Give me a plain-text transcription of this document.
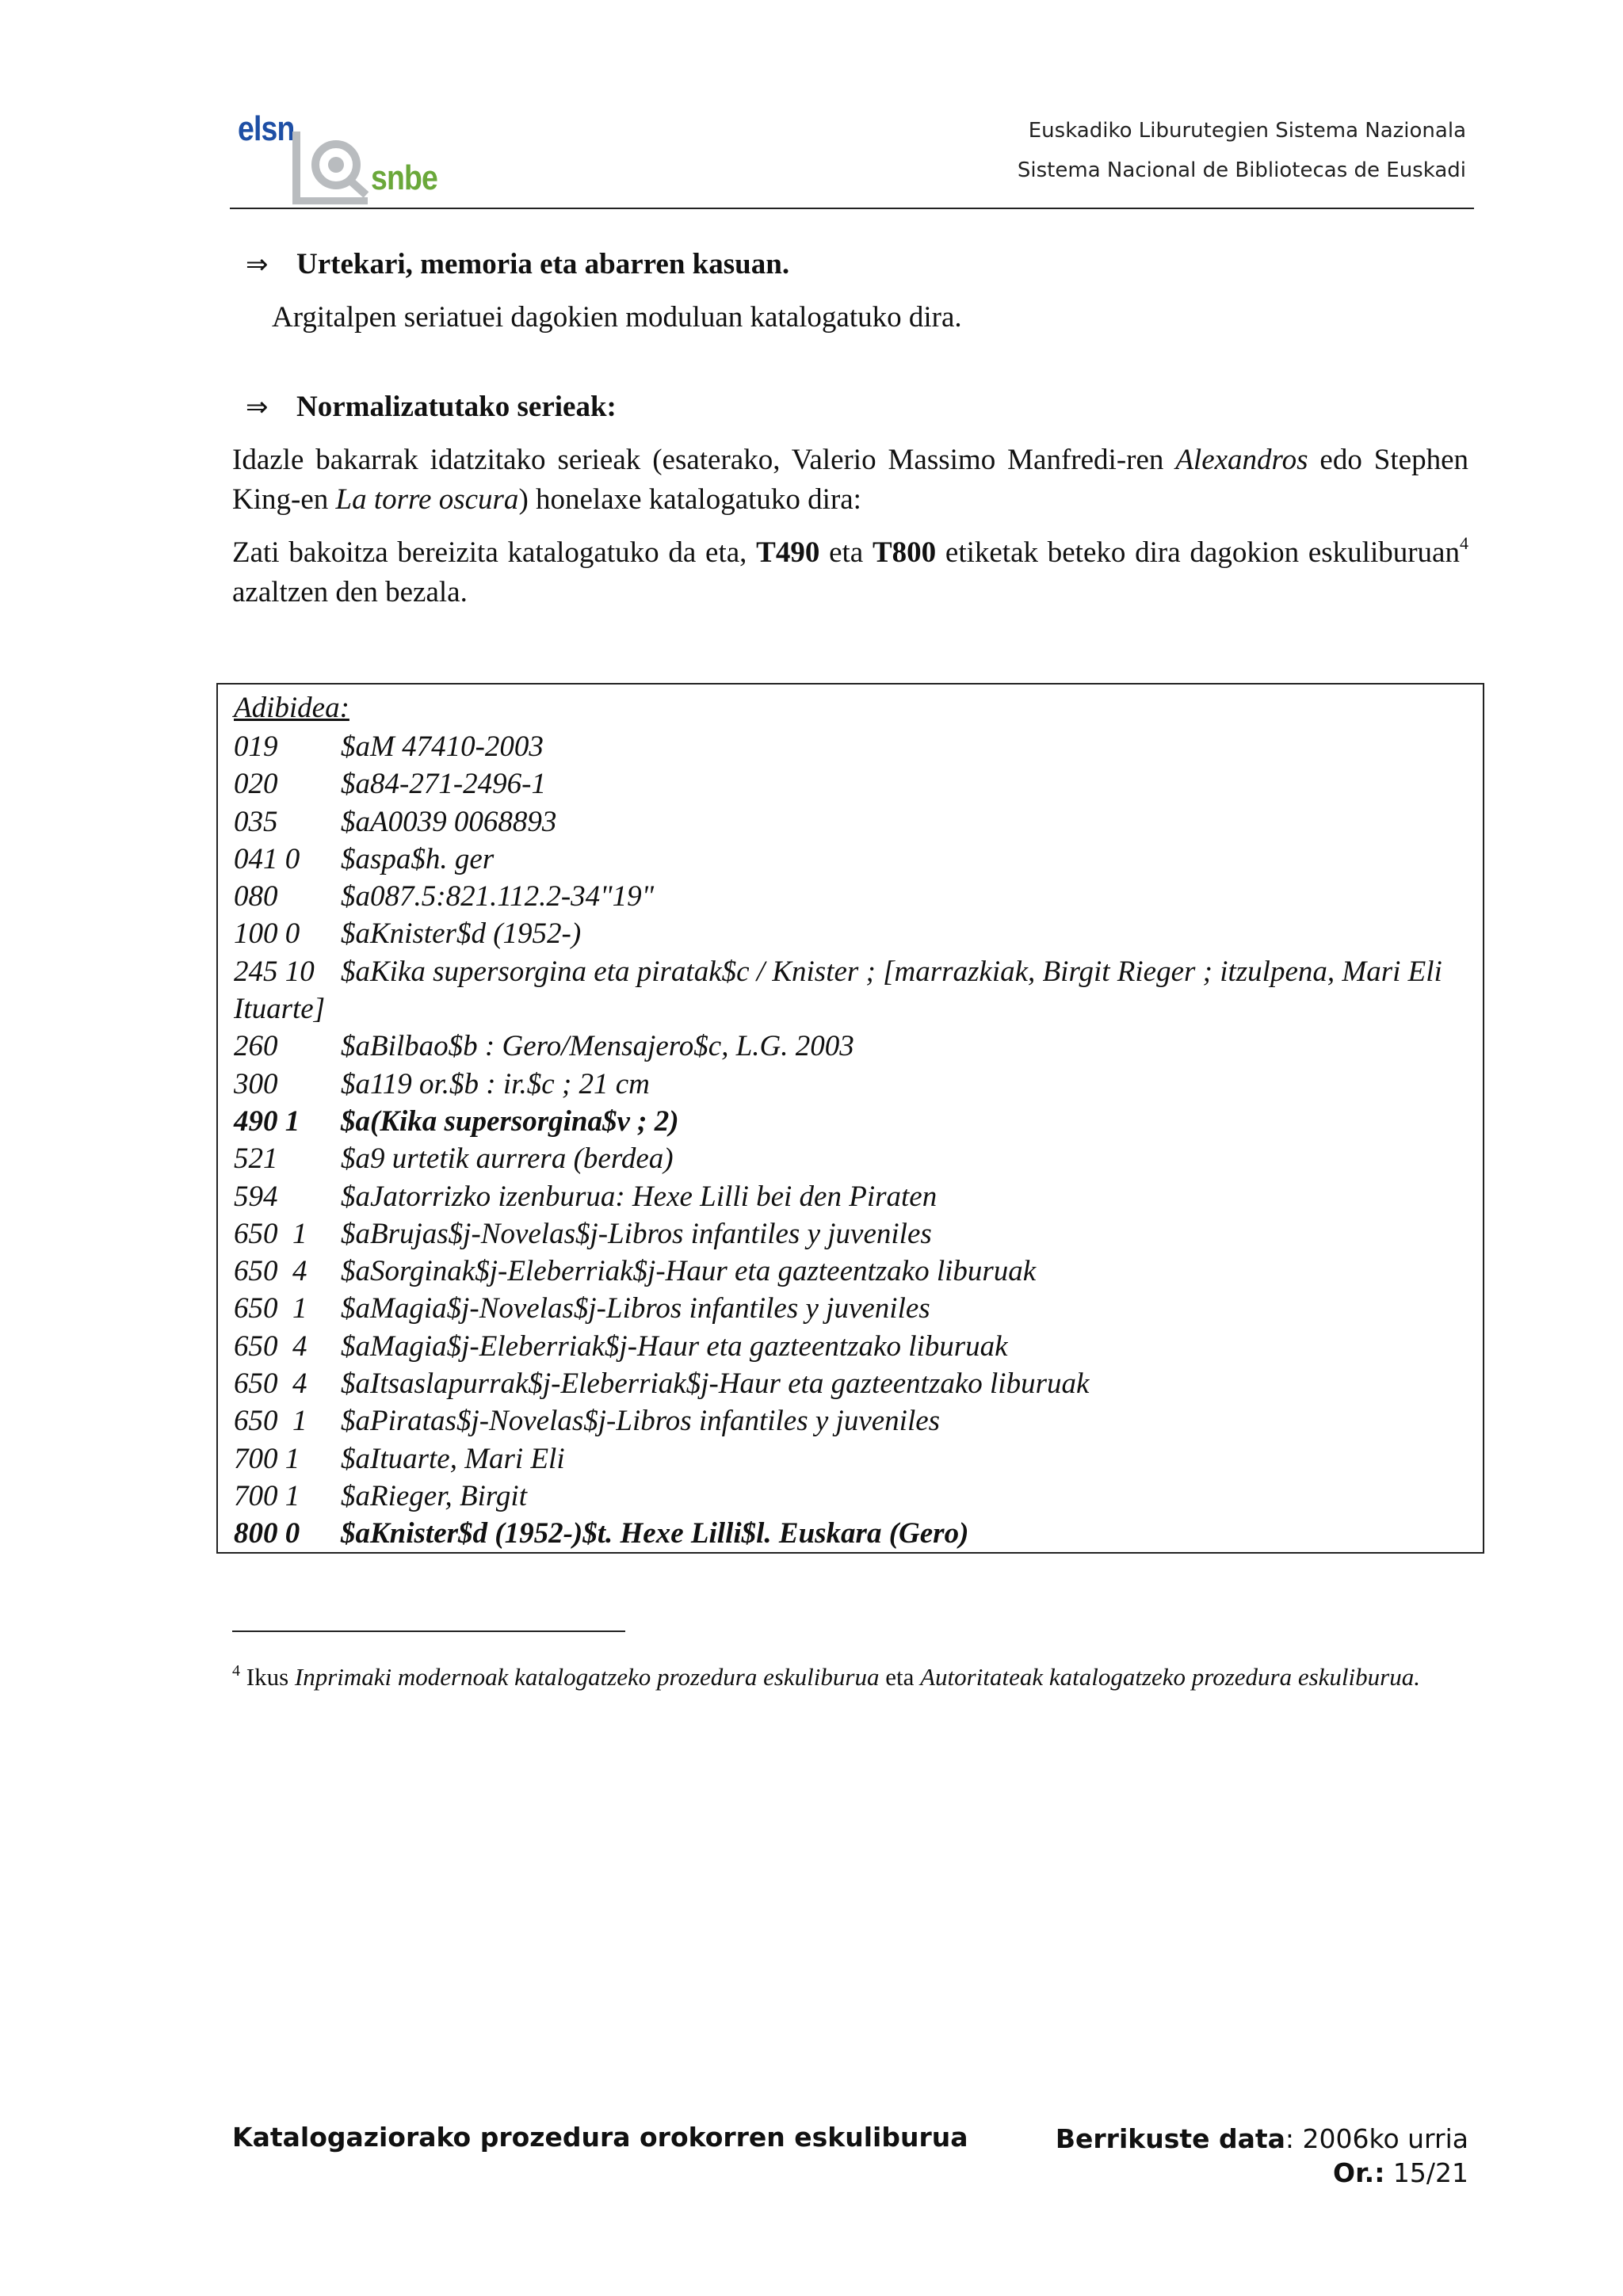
elsn
snbe
Euskadiko Liburutegien Sistema Nazionala
Sistema Nacional de Bibliotecas de Euskadi
⇒ Urtekari, memoria eta abarren kasuan.
Argitalpen seriatuei dagokien moduluan katalogatuko dira.
⇒ Normalizatutako serieak:
Idazle bakarrak idatzitako serieak (esaterako, Valerio Massimo Manfredi-ren Alexandros edo Stephen King-en La torre oscura) honelaxe katalogatuko dira:
Zati bakoitza bereizita katalogatuko da eta, T490 eta T800 etiketak beteko dira dagokion eskuliburuan$^4$ azaltzen den bezala.
Adibidea:
019	$aM 47410-2003
020	$a84-271-2496-1
035	$aA0039 0068893
041 0	$aspa$h. ger
080	$a087.5:821.112.2-34"19"
100 0	$aKnister$d (1952-)
245 10 $aKika supersorgina eta piratak$c / Knister ; [marrazkiak, Birgit Rieger ; itzulpena, Mari Eli Ituarte]
260	$aBilbao$b : Gero/Mensajero$c, L.G. 2003
300	$a119 or.$b : ir.$c ; 21 cm
490 1	$a(Kika supersorgina$v ; 2)
521	$a9 urtetik aurrera (berdea)
594	$aJatorrizko izenburua: Hexe Lilli bei den Piraten
650  1	$aBrujas$j-Novelas$j-Libros infantiles y juveniles
650  4	$aSorginak$j-Eleberriak$j-Haur eta gazteentzako liburuak
650  1	$aMagia$j-Novelas$j-Libros infantiles y juveniles
650  4	$aMagia$j-Eleberriak$j-Haur eta gazteentzako liburuak
650  4	$aItsaslapurrak$j-Eleberriak$j-Haur eta gazteentzako liburuak
650  1	$aPiratas$j-Novelas$j-Libros infantiles y juveniles
700 1	$aItuarte, Mari Eli
700 1	$aRieger, Birgit
800 0	$aKnister$d (1952-)$t. Hexe Lilli$l. Euskara (Gero)
$^4$ Ikus Inprimaki modernoak katalogatzeko prozedura eskuliburua eta Autoritateak katalogatzeko prozedura eskuliburua.
Katalogaziorako prozedura orokorren eskuliburua	Berrikuste data: 2006ko urria
Or.: 15/21
